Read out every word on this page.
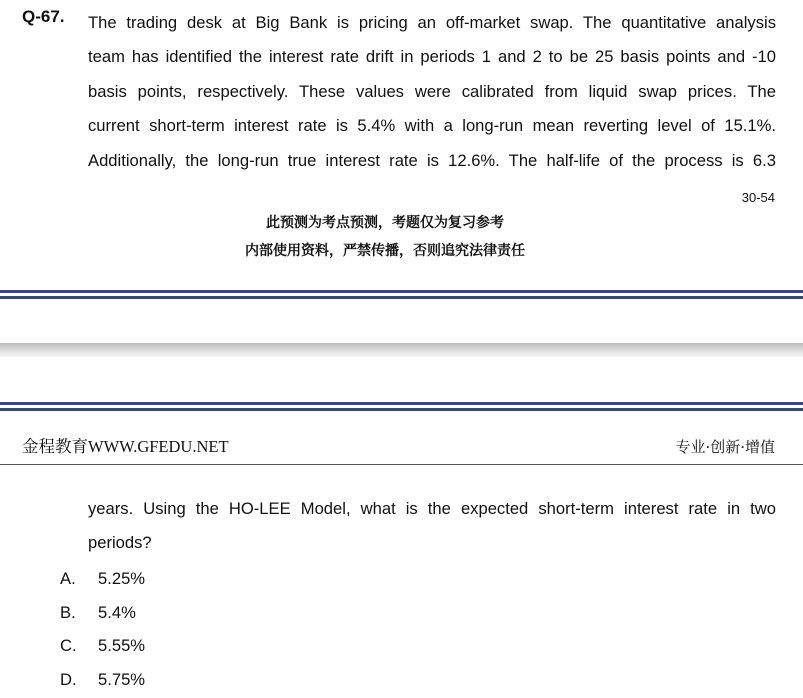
Q-67. The trading desk at Big Bank is pricing an off-market swap. The quantitative analysis
team has identified the interest rate drift in periods 1 and 2 to be 25 basis points and -10
basis points, respectively. These values were calibrated from liquid swap prices. The
current short-term interest rate is 5.4% with a long-run mean reverting level of 15.1%.
Additionally, the long-run true interest rate is 12.6%. The half-life of the process is 6.3
30-54
此预测为考点预测，考题仅为复习参考
内部使用资料，严禁传播，否则追究法律责任
金程教育WWW.GFEDU.NET	专业·创新·增值
years. Using the HO-LEE Model, what is the expected short-term interest rate in two
periods?
A. 5.25%
B. 5.4%
C. 5.55%
D. 5.75%
